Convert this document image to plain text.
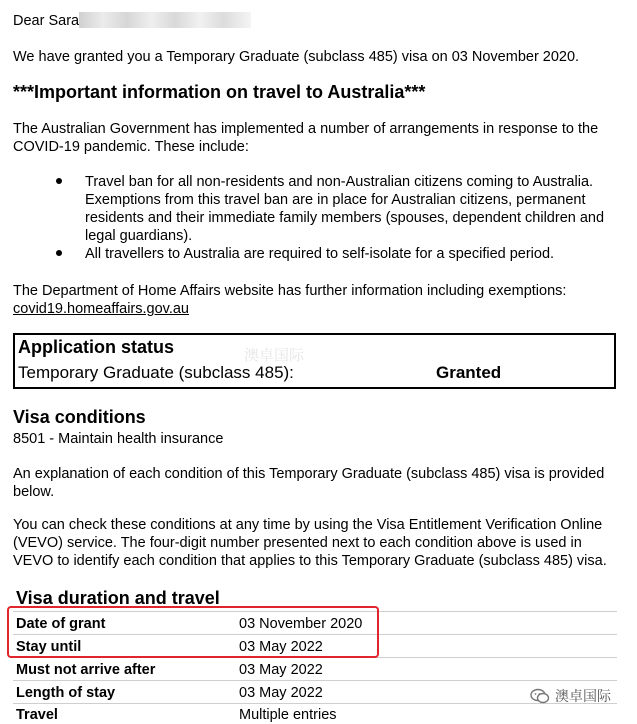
Dear Sara
We have granted you a Temporary Graduate (subclass 485) visa on 03 November 2020.
***Important information on travel to Australia***
The Australian Government has implemented a number of arrangements in response to the
COVID-19 pandemic. These include:
Travel ban for all non-residents and non-Australian citizens coming to Australia.
Exemptions from this travel ban are in place for Australian citizens, permanent
residents and their immediate family members (spouses, dependent children and
legal guardians).
All travellers to Australia are required to self-isolate for a specified period.
The Department of Home Affairs website has further information including exemptions:
covid19.homeaffairs.gov.au
Application status
Temporary Graduate (subclass 485):	Granted
澳卓国际
Visa conditions
8501 - Maintain health insurance
An explanation of each condition of this Temporary Graduate (subclass 485) visa is provided
below.
You can check these conditions at any time by using the Visa Entitlement Verification Online
(VEVO) service. The four-digit number presented next to each condition above is used in
VEVO to identify each condition that applies to this Temporary Graduate (subclass 485) visa.
Visa duration and travel
Date of grant	03 November 2020
Stay until	03 May 2022
Must not arrive after	03 May 2022
Length of stay	03 May 2022
Travel	Multiple entries
澳卓国际
